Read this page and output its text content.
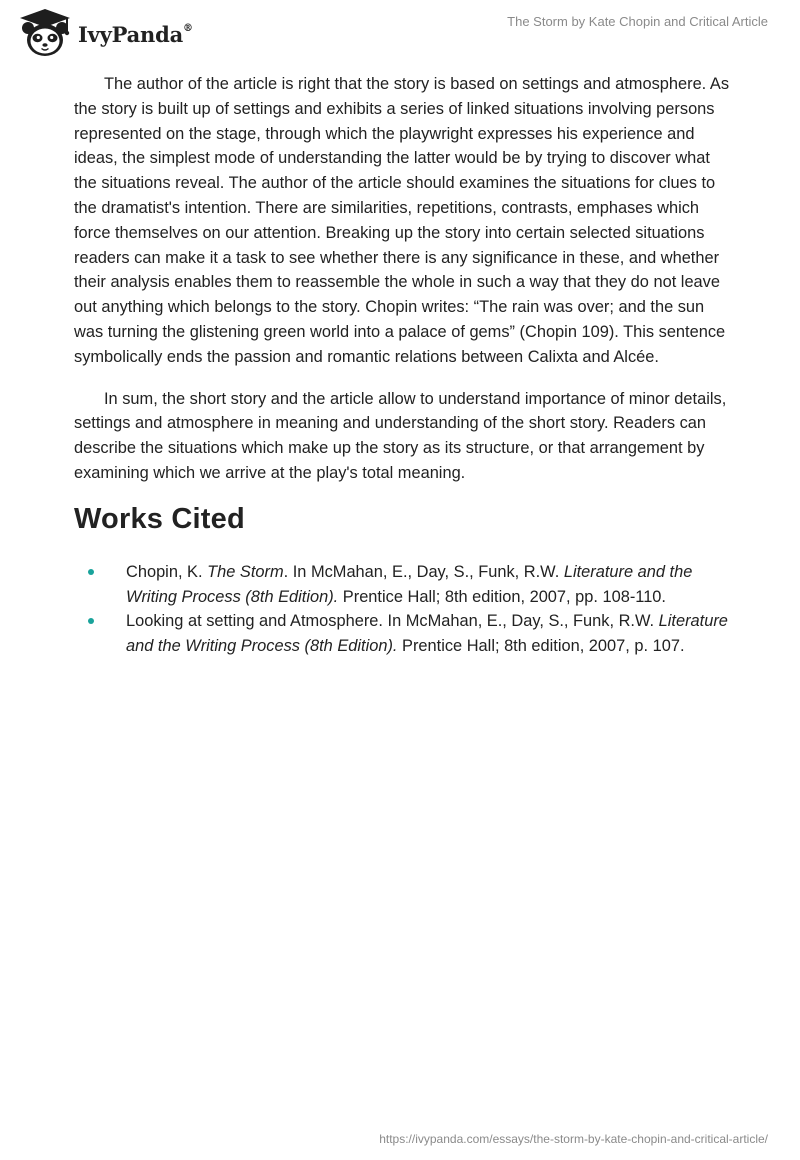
IvyPanda®	The Storm by Kate Chopin and Critical Article

The author of the article is right that the story is based on settings and atmosphere. As the story is built up of settings and exhibits a series of linked situations involving persons represented on the stage, through which the playwright expresses his experience and ideas, the simplest mode of understanding the latter would be by trying to discover what the situations reveal. The author of the article should examines the situations for clues to the dramatist's intention. There are similarities, repetitions, contrasts, emphases which force themselves on our attention. Breaking up the story into certain selected situations readers can make it a task to see whether there is any significance in these, and whether their analysis enables them to reassemble the whole in such a way that they do not leave out anything which belongs to the story. Chopin writes: “The rain was over; and the sun was turning the glistening green world into a palace of gems” (Chopin 109). This sentence symbolically ends the passion and romantic relations between Calixta and Alcée.

In sum, the short story and the article allow to understand importance of minor details, settings and atmosphere in meaning and understanding of the short story. Readers can describe the situations which make up the story as its structure, or that arrangement by examining which we arrive at the play's total meaning.

Works Cited
Chopin, K. The Storm. In McMahan, E., Day, S., Funk, R.W. Literature and the Writing Process (8th Edition). Prentice Hall; 8th edition, 2007, pp. 108-110.
Looking at setting and Atmosphere. In McMahan, E., Day, S., Funk, R.W. Literature and the Writing Process (8th Edition). Prentice Hall; 8th edition, 2007, p. 107.
https://ivypanda.com/essays/the-storm-by-kate-chopin-and-critical-article/
